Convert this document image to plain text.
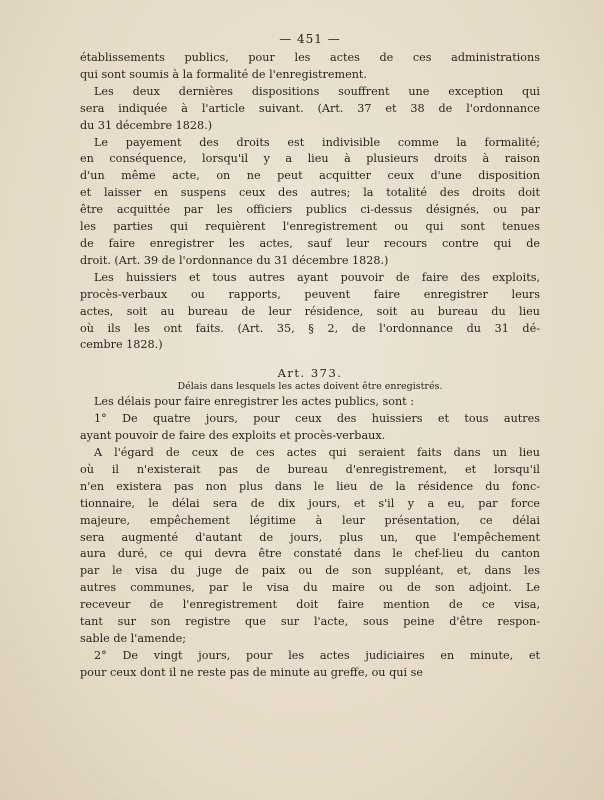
— 451 —

établissements publics, pour les actes de ces administrations
qui sont soumis à la formalité de l'enregistrement.

Les deux dernières dispositions souffrent une exception qui
sera indiquée à l'article suivant. (Art. 37 et 38 de l'ordonnance
du 31 décembre 1828.)

Le payement des droits est indivisible comme la formalité;
en conséquence, lorsqu'il y a lieu à plusieurs droits à raison
d'un même acte, on ne peut acquitter ceux d'une disposition
et laisser en suspens ceux des autres; la totalité des droits doit
être acquittée par les officiers publics ci-dessus désignés, ou par
les parties qui requièrent l'enregistrement ou qui sont tenues
de faire enregistrer les actes, sauf leur recours contre qui de
droit. (Art. 39 de l'ordonnance du 31 décembre 1828.)

Les huissiers et tous autres ayant pouvoir de faire des exploits,
procès-verbaux ou rapports, peuvent faire enregistrer leurs
actes, soit au bureau de leur résidence, soit au bureau du lieu
où ils les ont faits. (Art. 35, § 2, de l'ordonnance du 31 dé-
cembre 1828.)

Art. 373.
Délais dans lesquels les actes doivent être enregistrés.

Les délais pour faire enregistrer les actes publics, sont :

1° De quatre jours, pour ceux des huissiers et tous autres
ayant pouvoir de faire des exploits et procès-verbaux.

A l'égard de ceux de ces actes qui seraient faits dans un lieu
où il n'existerait pas de bureau d'enregistrement, et lorsqu'il
n'en existera pas non plus dans le lieu de la résidence du fonc-
tionnaire, le délai sera de dix jours, et s'il y a eu, par force
majeure, empêchement légitime à leur présentation, ce délai
sera augmenté d'autant de jours, plus un, que l'empêchement
aura duré, ce qui devra être constaté dans le chef-lieu du canton
par le visa du juge de paix ou de son suppléant, et, dans les
autres communes, par le visa du maire ou de son adjoint. Le
receveur de l'enregistrement doit faire mention de ce visa,
tant sur son registre que sur l'acte, sous peine d'être respon-
sable de l'amende;

2° De vingt jours, pour les actes judiciaires en minute, et
pour ceux dont il ne reste pas de minute au greffe, ou qui se
